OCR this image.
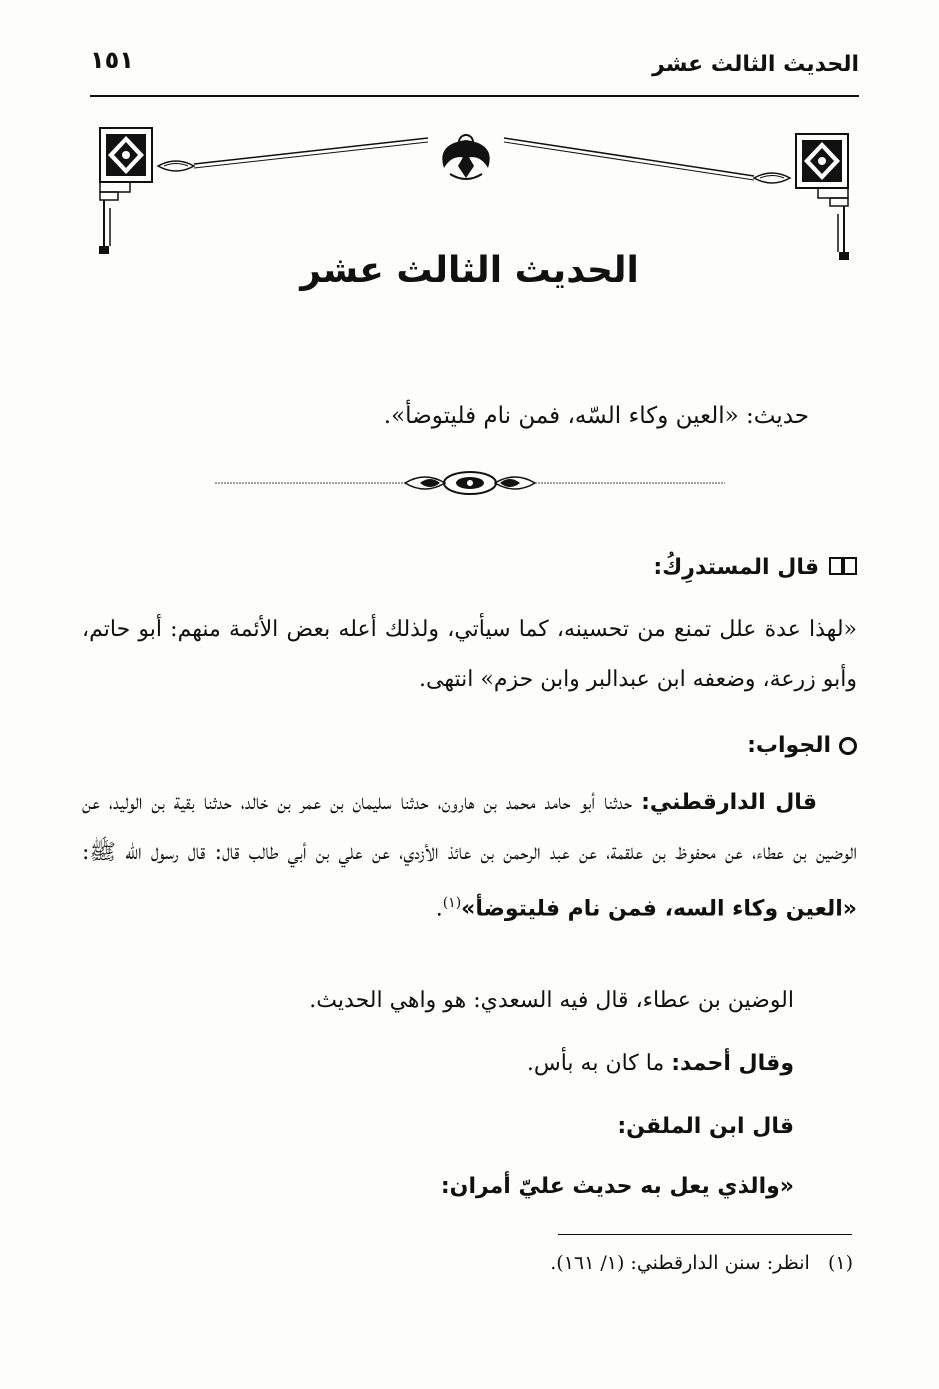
الحديث الثالث عشر
١٥١
الحديث الثالث عشر
حديث: «العين وكاء السّه، فمن نام فليتوضأ».
قال المستدرِكُ:
«لهذا عدة علل تمنع من تحسينه، كما سيأتي، ولذلك أعله بعض الأئمة منهم: أبو حاتم، وأبو زرعة، وضعفه ابن عبدالبر وابن حزم» انتهى.
الجواب:
قال الدارقطني: حدثنا أبو حامد محمد بن هارون، حدثنا سليمان بن عمر بن خالد، حدثنا بقية بن الوليد، عن الوضين بن عطاء، عن محفوظ بن علقمة، عن عبد الرحمن بن عائذ الأزدي، عن علي بن أبي طالب قال: قال رسول الله ﷺ: «العين وكاء السه، فمن نام فليتوضأ»$^{(١)}$.
الوضين بن عطاء، قال فيه السعدي: هو واهي الحديث.
وقال أحمد: ما كان به بأس.
قال ابن الملقن:
«والذي يعل به حديث عليّ أمران:
(١)   انظر: سنن الدارقطني: (١/ ١٦١).
